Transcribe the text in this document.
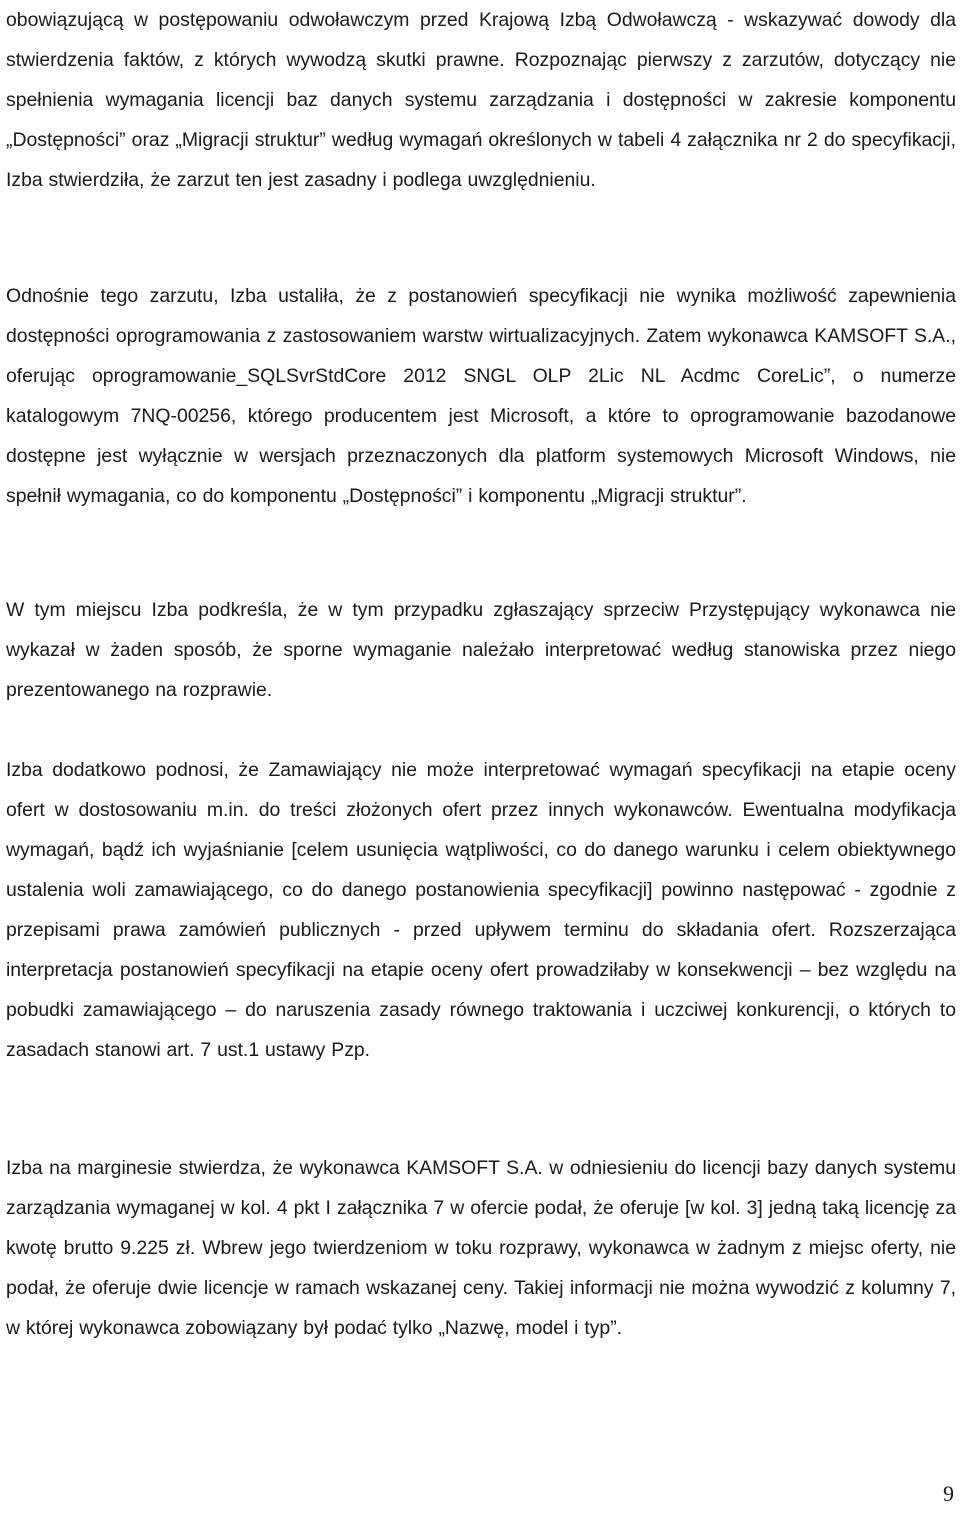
obowiązującą w postępowaniu odwoławczym przed Krajową Izbą Odwoławczą - wskazywać dowody dla stwierdzenia faktów, z których wywodzą skutki prawne. Rozpoznając pierwszy z zarzutów, dotyczący nie spełnienia wymagania licencji baz danych systemu zarządzania i dostępności w zakresie komponentu „Dostępności” oraz „Migracji struktur” według wymagań określonych w tabeli 4 załącznika nr 2 do specyfikacji, Izba stwierdziła, że zarzut ten jest zasadny i podlega uwzględnieniu.

Odnośnie tego zarzutu, Izba ustaliła, że z postanowień specyfikacji nie wynika możliwość zapewnienia dostępności oprogramowania z zastosowaniem warstw wirtualizacyjnych. Zatem wykonawca KAMSOFT S.A., oferując oprogramowanie_SQLSvrStdCore 2012 SNGL OLP 2Lic NL Acdmc CoreLic”, o numerze katalogowym 7NQ-00256, którego producentem jest Microsoft, a które to oprogramowanie bazodanowe dostępne jest wyłącznie w wersjach przeznaczonych dla platform systemowych Microsoft Windows, nie spełnił wymagania, co do komponentu „Dostępności” i komponentu „Migracji struktur”.

W tym miejscu Izba podkreśla, że w tym przypadku zgłaszający sprzeciw Przystępujący wykonawca nie wykazał w żaden sposób, że sporne wymaganie należało interpretować według stanowiska przez niego prezentowanego na rozprawie.

Izba dodatkowo podnosi, że Zamawiający nie może interpretować wymagań specyfikacji na etapie oceny ofert w dostosowaniu m.in. do treści złożonych ofert przez innych wykonawców. Ewentualna modyfikacja wymagań, bądź ich wyjaśnianie [celem usunięcia wątpliwości, co do danego warunku i celem obiektywnego ustalenia woli zamawiającego, co do danego postanowienia specyfikacji] powinno następować - zgodnie z przepisami prawa zamówień publicznych - przed upływem terminu do składania ofert. Rozszerzająca interpretacja postanowień specyfikacji na etapie oceny ofert prowadziłaby w konsekwencji – bez względu na pobudki zamawiającego – do naruszenia zasady równego traktowania i uczciwej konkurencji, o których to zasadach stanowi art. 7 ust.1 ustawy Pzp.

Izba na marginesie stwierdza, że wykonawca KAMSOFT S.A. w odniesieniu do licencji bazy danych systemu zarządzania wymaganej w kol. 4 pkt I załącznika 7 w ofercie podał, że oferuje [w kol. 3] jedną taką licencję za kwotę brutto 9.225 zł. Wbrew jego twierdzeniom w toku rozprawy, wykonawca w żadnym z miejsc oferty, nie podał, że oferuje dwie licencje w ramach wskazanej ceny. Takiej informacji nie można wywodzić z kolumny 7, w której wykonawca zobowiązany był podać tylko „Nazwę, model i typ”.

9
